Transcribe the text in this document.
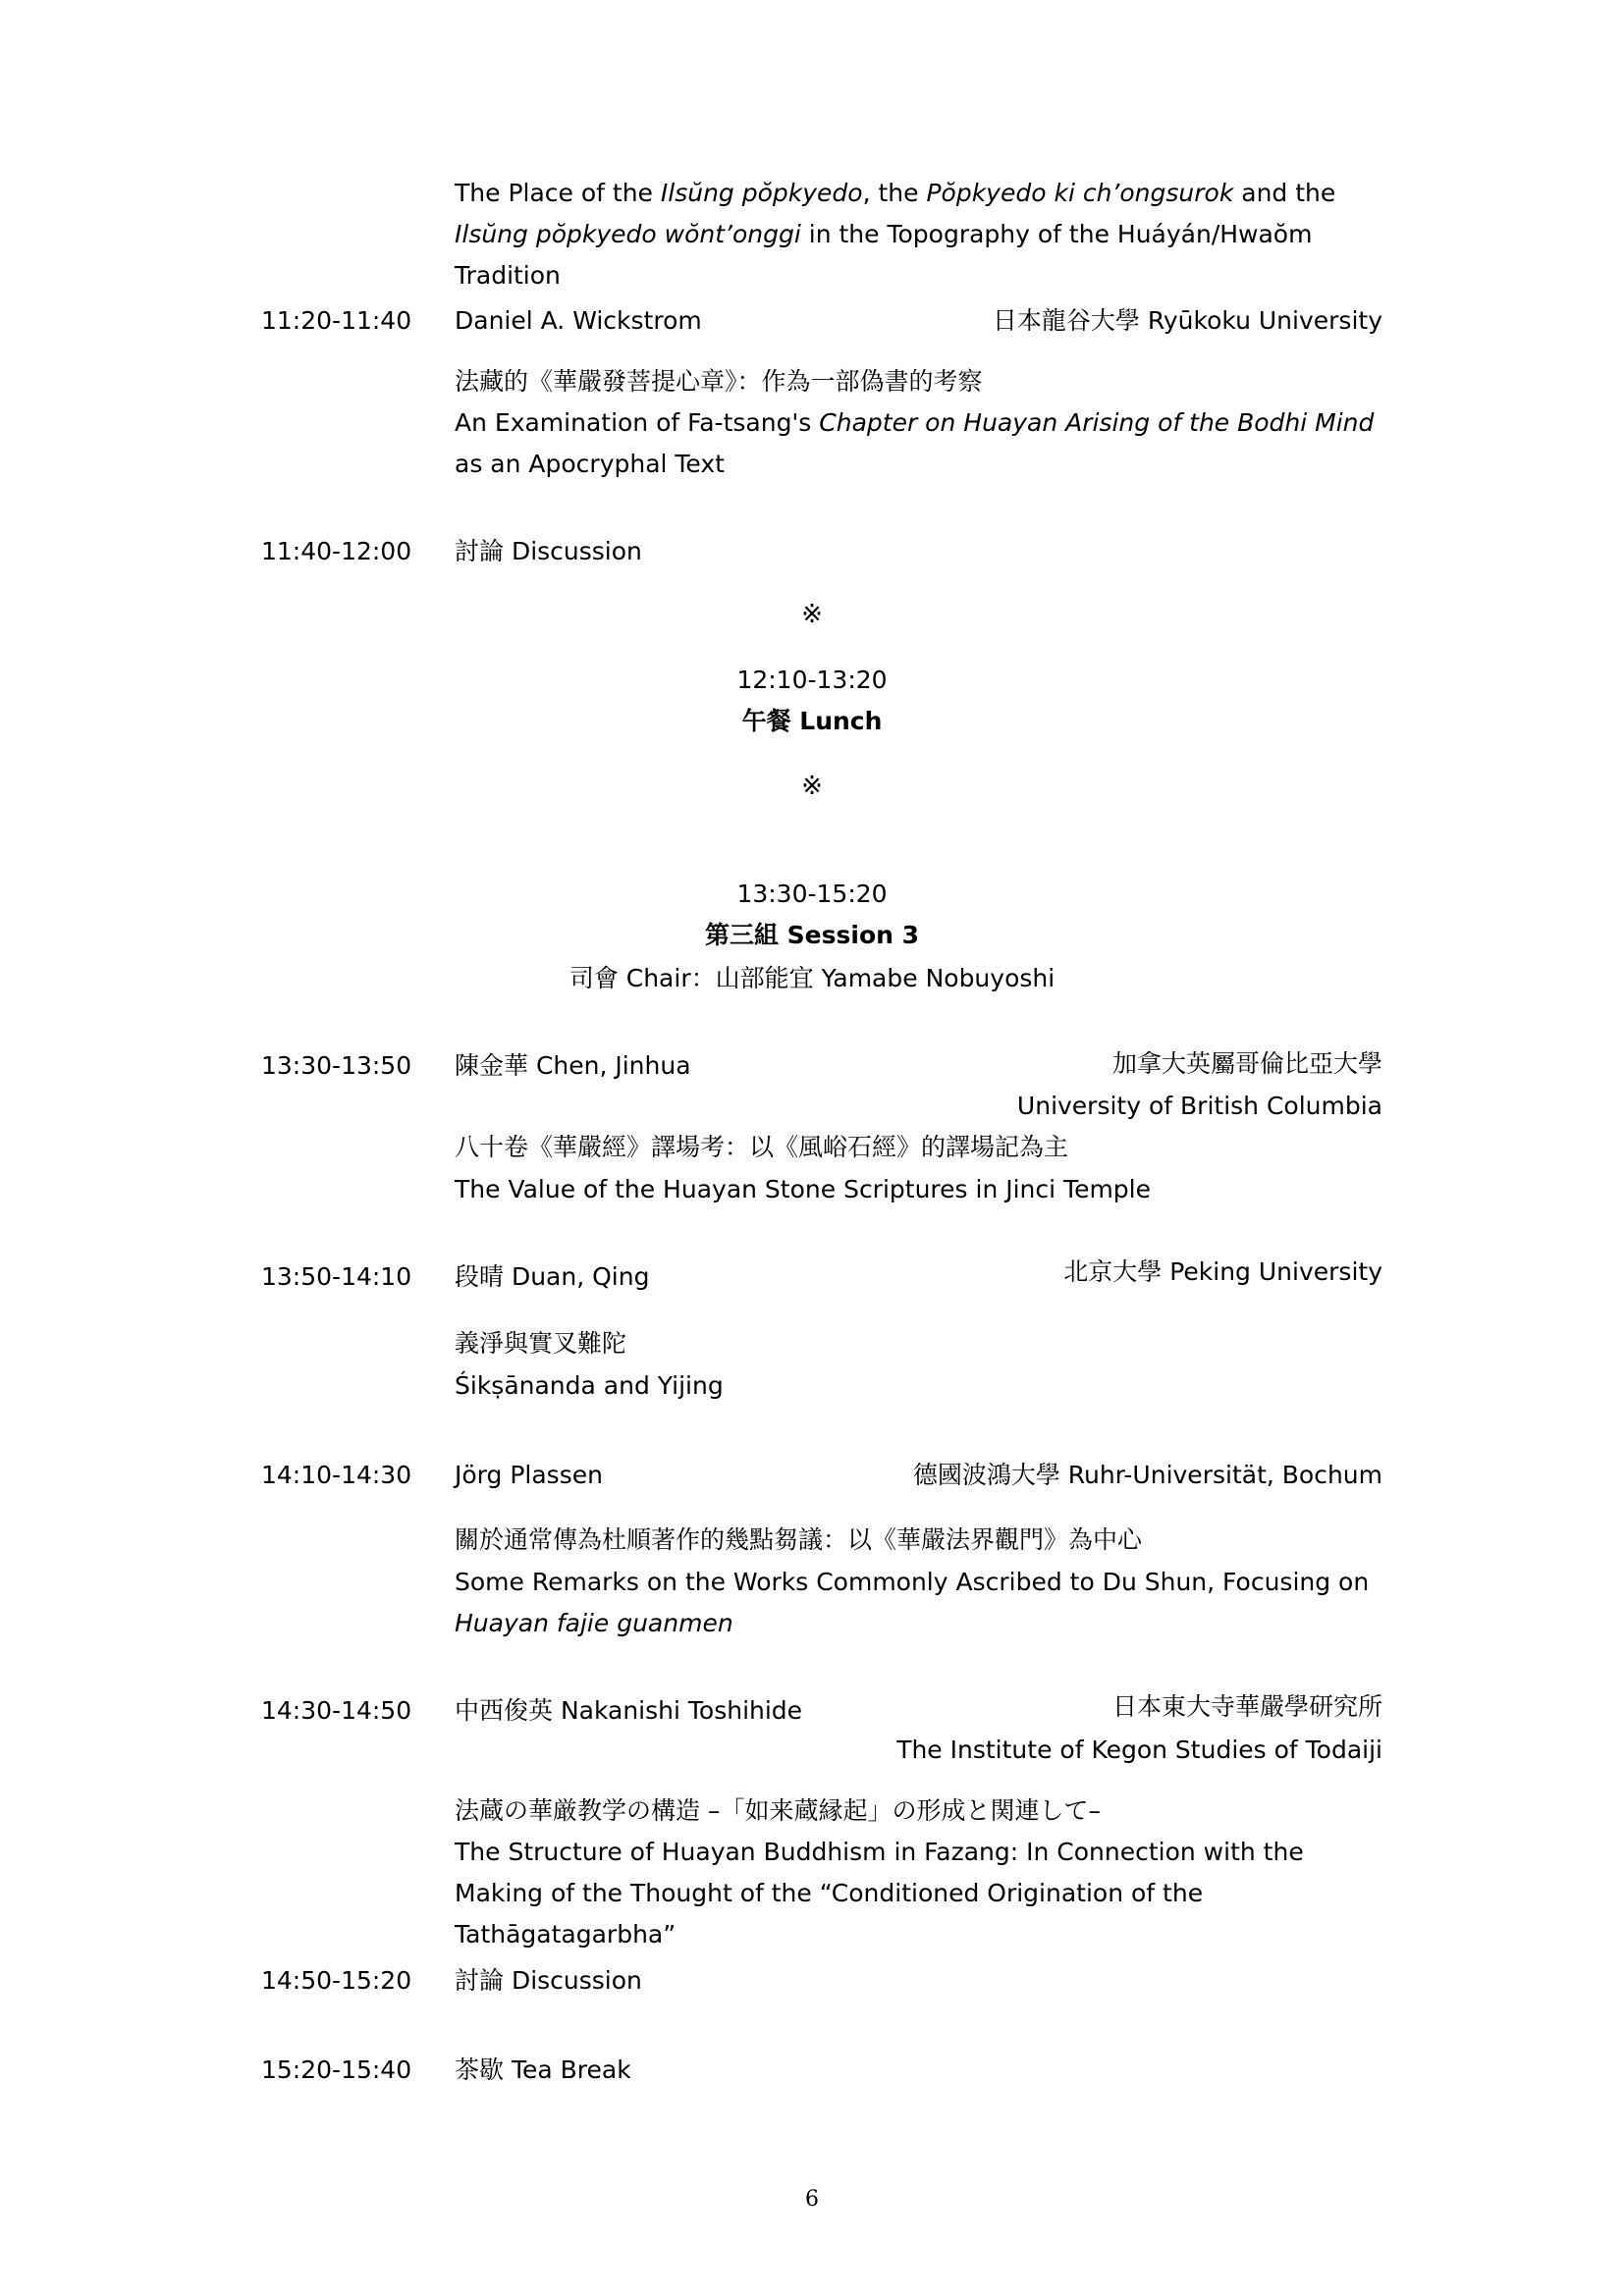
The Place of the Ilsŭng pŏpkyedo, the Pŏpkyedo ki ch’ongsurok and the Ilsŭng pŏpkyedo wŏnt’onggi in the Topography of the Huáyán/Hwaŏm Tradition
11:20-11:40 Daniel A. Wickstrom	日本龍谷大學 Ryūkoku University
法藏的《華嚴發菩提心章》：作為一部偽書的考察
An Examination of Fa-tsang's Chapter on Huayan Arising of the Bodhi Mind as an Apocryphal Text
11:40-12:00 討論 Discussion
※
12:10-13:20
午餐 Lunch
※
13:30-15:20
第三組 Session 3
司會 Chair：山部能宜 Yamabe Nobuyoshi
13:30-13:50 陳金華 Chen, Jinhua	加拿大英屬哥倫比亞大學
University of British Columbia
八十卷《華嚴經》譯場考：以《風峪石經》的譯場記為主
The Value of the Huayan Stone Scriptures in Jinci Temple
13:50-14:10 段晴 Duan, Qing	北京大學 Peking University
義淨與實叉難陀
Śikṣānanda and Yijing
14:10-14:30 Jörg Plassen	德國波鴻大學 Ruhr-Universität, Bochum
關於通常傳為杜順著作的幾點芻議：以《華嚴法界觀門》為中心
Some Remarks on the Works Commonly Ascribed to Du Shun, Focusing on Huayan fajie guanmen
14:30-14:50 中西俊英 Nakanishi Toshihide	日本東大寺華嚴學研究所
The Institute of Kegon Studies of Todaiji
法蔵の華厳教学の構造 –「如来蔵縁起」の形成と関連して–
The Structure of Huayan Buddhism in Fazang: In Connection with the Making of the Thought of the “Conditioned Origination of the Tathāgatagarbha”
14:50-15:20 討論 Discussion
15:20-15:40 茶歇 Tea Break
6
